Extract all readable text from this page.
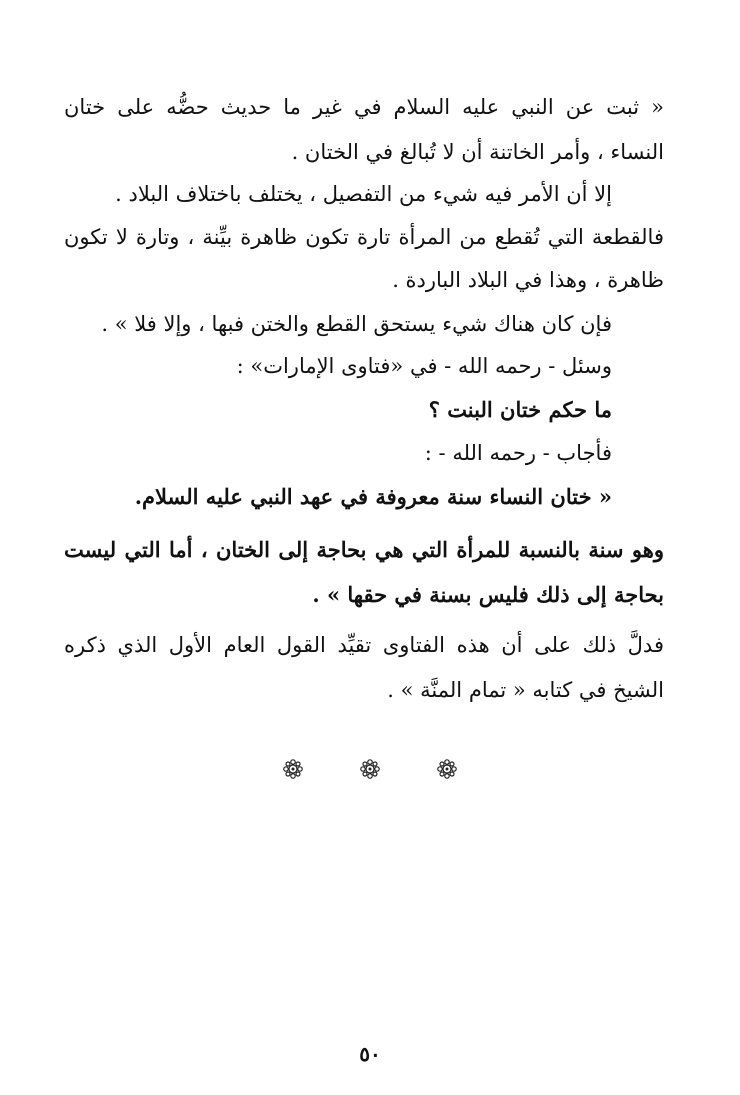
« ثبت عن النبي عليه السلام في غير ما حديث حضُّه على ختان
النساء ، وأمر الخاتنة أن لا تُبالغ في الختان .
إلا أن الأمر فيه شيء من التفصيل ، يختلف باختلاف البلاد .
فالقطعة التي تُقطع من المرأة تارة تكون ظاهرة بيِّنة ، وتارة لا تكون
ظاهرة ، وهذا في البلاد الباردة .
فإن كان هناك شيء يستحق القطع والختن فبها ، وإلا فلا » .
وسئل - رحمه الله - في «فتاوى الإمارات» :
ما حكم ختان البنت ؟
فأجاب - رحمه الله - :
« ختان النساء سنة معروفة في عهد النبي عليه السلام.
وهو سنة بالنسبة للمرأة التي هي بحاجة إلى الختان ، أما التي ليست
بحاجة إلى ذلك فليس بسنة في حقها » .
فدلَّ ذلك على أن هذه الفتاوى تقيِّد القول العام الأول الذي ذكره
الشيخ في كتابه « تمام المنَّة » .

٥٠
